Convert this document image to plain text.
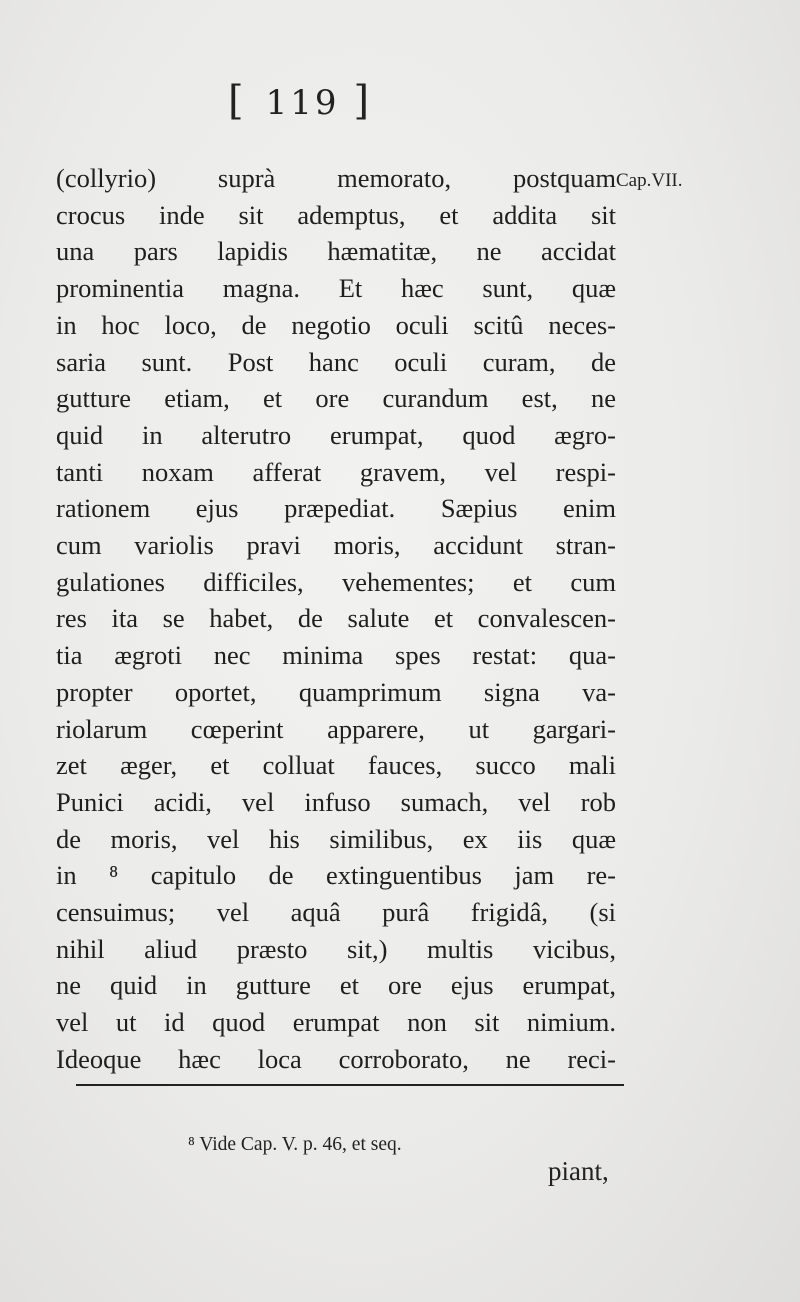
[ 119 ]
Cap.VII.
(collyrio) suprà memorato, postquam
crocus inde sit ademptus, et addita sit
una pars lapidis hæmatitæ, ne accidat
prominentia magna. Et hæc sunt, quæ
in hoc loco, de negotio oculi scitû neces-
saria sunt. Post hanc oculi curam, de
gutture etiam, et ore curandum est, ne
quid in alterutro erumpat, quod ægro-
tanti noxam afferat gravem, vel respi-
rationem ejus præpediat. Sæpius enim
cum variolis pravi moris, accidunt stran-
gulationes difficiles, vehementes; et cum
res ita se habet, de salute et convalescen-
tia ægroti nec minima spes restat: qua-
propter oportet, quamprimum signa va-
riolarum cœperint apparere, ut gargari-
zet æger, et colluat fauces, succo mali
Punici acidi, vel infuso sumach, vel rob
de moris, vel his similibus, ex iis quæ
in ⁸ capitulo de extinguentibus jam re-
censuimus; vel aquâ purâ frigidâ, (si
nihil aliud præsto sit,) multis vicibus,
ne quid in gutture et ore ejus erumpat,
vel ut id quod erumpat non sit nimium.
Ideoque hæc loca corroborato, ne reci-
⁸ Vide Cap. V. p. 46, et seq.
piant,
